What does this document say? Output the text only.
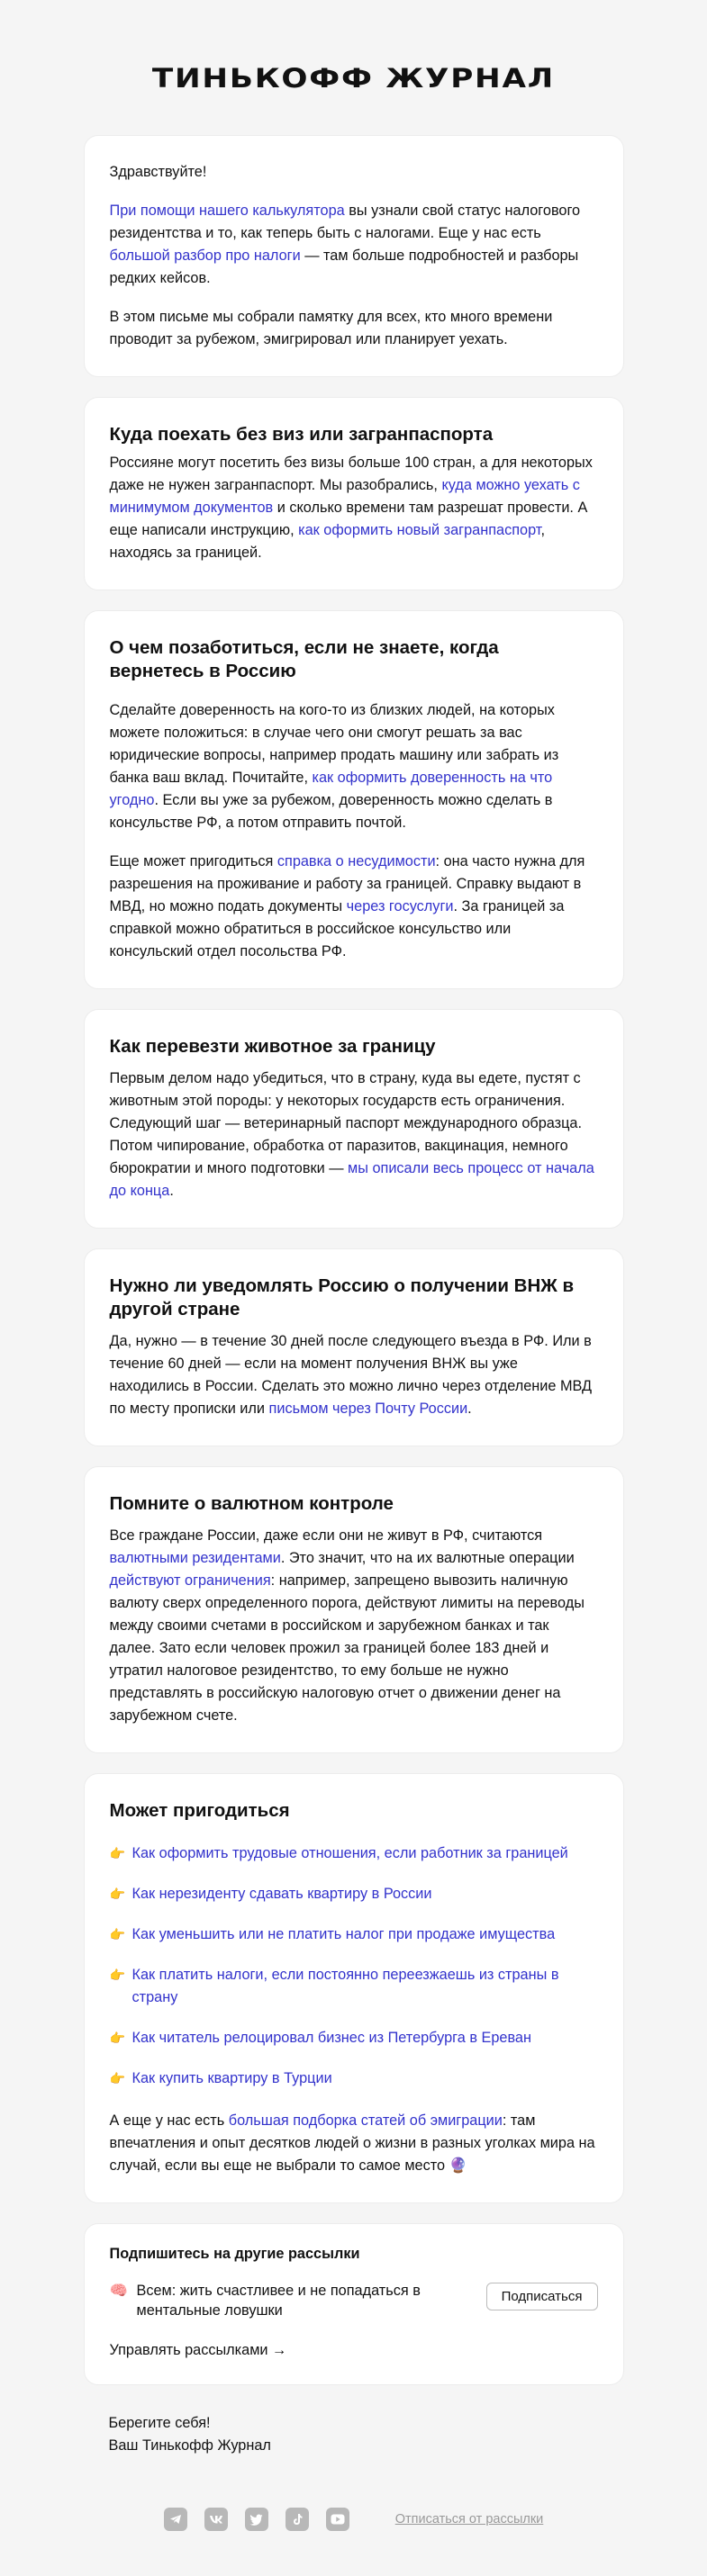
ТИНЬКОФФ ЖУРНАЛ

Здравствуйте!

При помощи нашего калькулятора вы узнали свой статус налогового резидентства и то, как теперь быть с налогами. Еще у нас есть большой разбор про налоги — там больше подробностей и разборы редких кейсов.

В этом письме мы собрали памятку для всех, кто много времени проводит за рубежом, эмигрировал или планирует уехать.

Куда поехать без виз или загранпаспорта

Россияне могут посетить без визы больше 100 стран, а для некоторых даже не нужен загранпаспорт. Мы разобрались, куда можно уехать с минимумом документов и сколько времени там разрешат провести. А еще написали инструкцию, как оформить новый загранпаспорт, находясь за границей.

О чем позаботиться, если не знаете, когда вернетесь в Россию

Сделайте доверенность на кого-то из близких людей, на которых можете положиться: в случае чего они смогут решать за вас юридические вопросы, например продать машину или забрать из банка ваш вклад. Почитайте, как оформить доверенность на что угодно. Если вы уже за рубежом, доверенность можно сделать в консульстве РФ, а потом отправить почтой.

Еще может пригодиться справка о несудимости: она часто нужна для разрешения на проживание и работу за границей. Справку выдают в МВД, но можно подать документы через госуслуги. За границей за справкой можно обратиться в российское консульство или консульский отдел посольства РФ.

Как перевезти животное за границу

Первым делом надо убедиться, что в страну, куда вы едете, пустят с животным этой породы: у некоторых государств есть ограничения. Следующий шаг — ветеринарный паспорт международного образца. Потом чипирование, обработка от паразитов, вакцинация, немного бюрократии и много подготовки — мы описали весь процесс от начала до конца.

Нужно ли уведомлять Россию о получении ВНЖ в другой стране

Да, нужно — в течение 30 дней после следующего въезда в РФ. Или в течение 60 дней — если на момент получения ВНЖ вы уже находились в России. Сделать это можно лично через отделение МВД по месту прописки или письмом через Почту России.

Помните о валютном контроле

Все граждане России, даже если они не живут в РФ, считаются валютными резидентами. Это значит, что на их валютные операции действуют ограничения: например, запрещено вывозить наличную валюту сверх определенного порога, действуют лимиты на переводы между своими счетами в российском и зарубежном банках и так далее. Зато если человек прожил за границей более 183 дней и утратил налоговое резидентство, то ему больше не нужно представлять в российскую налоговую отчет о движении денег на зарубежном счете.

Может пригодиться
👉 Как оформить трудовые отношения, если работник за границей
👉 Как нерезиденту сдавать квартиру в России
👉 Как уменьшить или не платить налог при продаже имущества
👉 Как платить налоги, если постоянно переезжаешь из страны в страну
👉 Как читатель релоцировал бизнес из Петербурга в Ереван
👉 Как купить квартиру в Турции

А еще у нас есть большая подборка статей об эмиграции: там впечатления и опыт десятков людей о жизни в разных уголках мира на случай, если вы еще не выбрали то самое место 🔮

Подпишитесь на другие рассылки
🧠 Всем: жить счастливее и не попадаться в ментальные ловушки
Подписаться
Управлять рассылками →
Берегите себя!
Ваш Тинькофф Журнал
Отписаться от рассылки
